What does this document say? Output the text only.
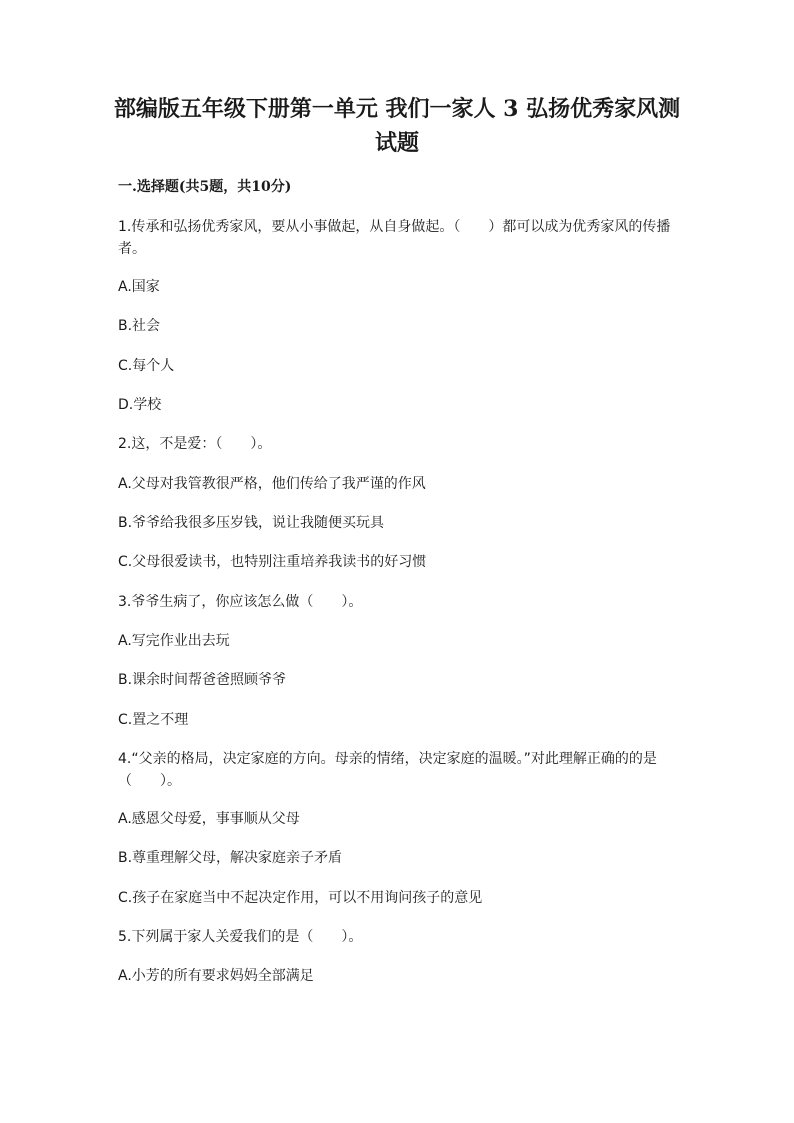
部编版五年级下册第一单元 我们一家人 3 弘扬优秀家风测试题
一.选择题(共5题，共10分)

1.传承和弘扬优秀家风，要从小事做起，从自身做起。（　　）都可以成为优秀家风的传播者。

A.国家

B.社会

C.每个人

D.学校

2.这，不是爱：（　　）。

A.父母对我管教很严格，他们传给了我严谨的作风

B.爷爷给我很多压岁钱，说让我随便买玩具

C.父母很爱读书，也特别注重培养我读书的好习惯

3.爷爷生病了，你应该怎么做（　　）。

A.写完作业出去玩

B.课余时间帮爸爸照顾爷爷

C.置之不理

4.“父亲的格局，决定家庭的方向。母亲的情绪，决定家庭的温暖。”对此理解正确的的是（　　）。

A.感恩父母爱，事事顺从父母

B.尊重理解父母，解决家庭亲子矛盾

C.孩子在家庭当中不起决定作用，可以不用询问孩子的意见

5.下列属于家人关爱我们的是（　　）。

A.小芳的所有要求妈妈全部满足
